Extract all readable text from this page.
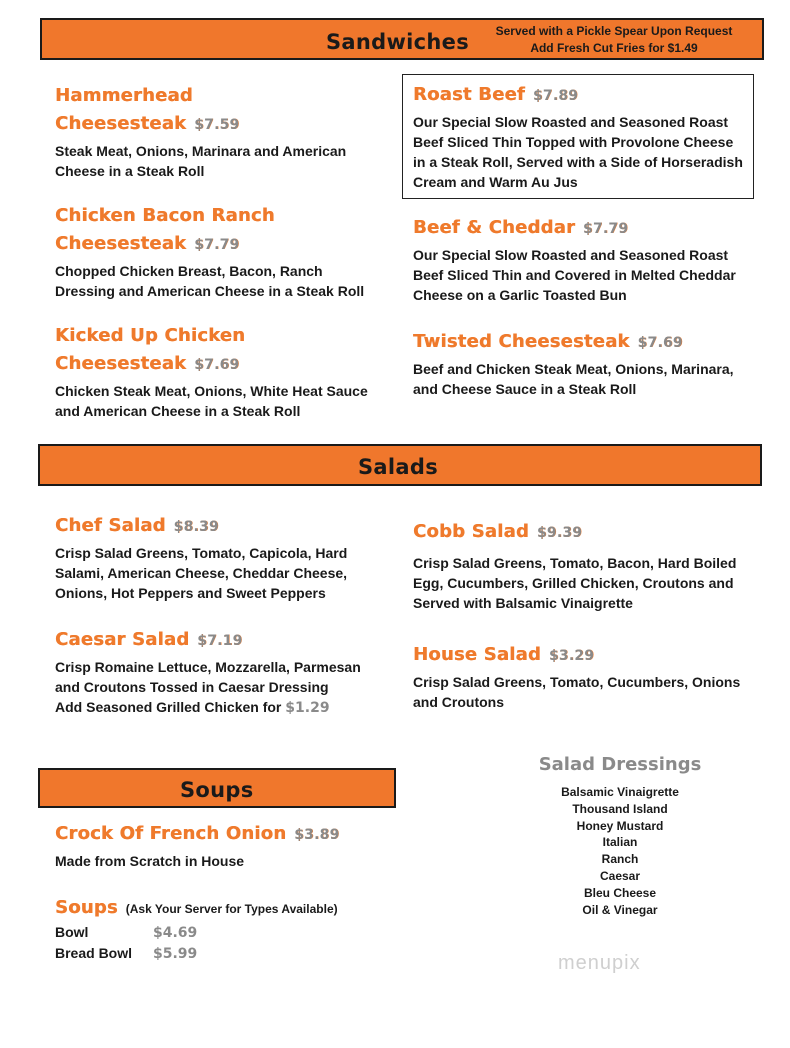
Sandwiches	Served with a Pickle Spear Upon Request
Add Fresh Cut Fries for $1.49
Hammerhead
Cheesesteak $7.59
Steak Meat, Onions, Marinara and American Cheese in a Steak Roll
Chicken Bacon Ranch
Cheesesteak $7.79
Chopped Chicken Breast, Bacon, Ranch Dressing and American Cheese in a Steak Roll
Kicked Up Chicken
Cheesesteak $7.69
Chicken Steak Meat, Onions, White Heat Sauce and American Cheese in a Steak Roll
Roast Beef $7.89
Our Special Slow Roasted and Seasoned Roast Beef Sliced Thin Topped with Provolone Cheese in a Steak Roll, Served with a Side of Horseradish Cream and Warm Au Jus
Beef & Cheddar $7.79
Our Special Slow Roasted and Seasoned Roast Beef Sliced Thin and Covered in Melted Cheddar Cheese on a Garlic Toasted Bun
Twisted Cheesesteak $7.69
Beef and Chicken Steak Meat, Onions, Marinara, and Cheese Sauce in a Steak Roll
Salads
Chef Salad $8.39
Crisp Salad Greens, Tomato, Capicola, Hard Salami, American Cheese, Cheddar Cheese, Onions, Hot Peppers and Sweet Peppers
Caesar Salad $7.19
Crisp Romaine Lettuce, Mozzarella, Parmesan and Croutons Tossed in Caesar Dressing
Add Seasoned Grilled Chicken for $1.29
Cobb Salad $9.39
Crisp Salad Greens, Tomato, Bacon, Hard Boiled Egg, Cucumbers, Grilled Chicken, Croutons and Served with Balsamic Vinaigrette
House Salad $3.29
Crisp Salad Greens, Tomato, Cucumbers, Onions and Croutons
Soups
Crock Of French Onion $3.89
Made from Scratch in House
Soups (Ask Your Server for Types Available)
Bowl	$4.69
Bread Bowl $5.99
Salad Dressings
Balsamic Vinaigrette
Thousand Island
Honey Mustard
Italian
Ranch
Caesar
Bleu Cheese
Oil & Vinegar
menupix
